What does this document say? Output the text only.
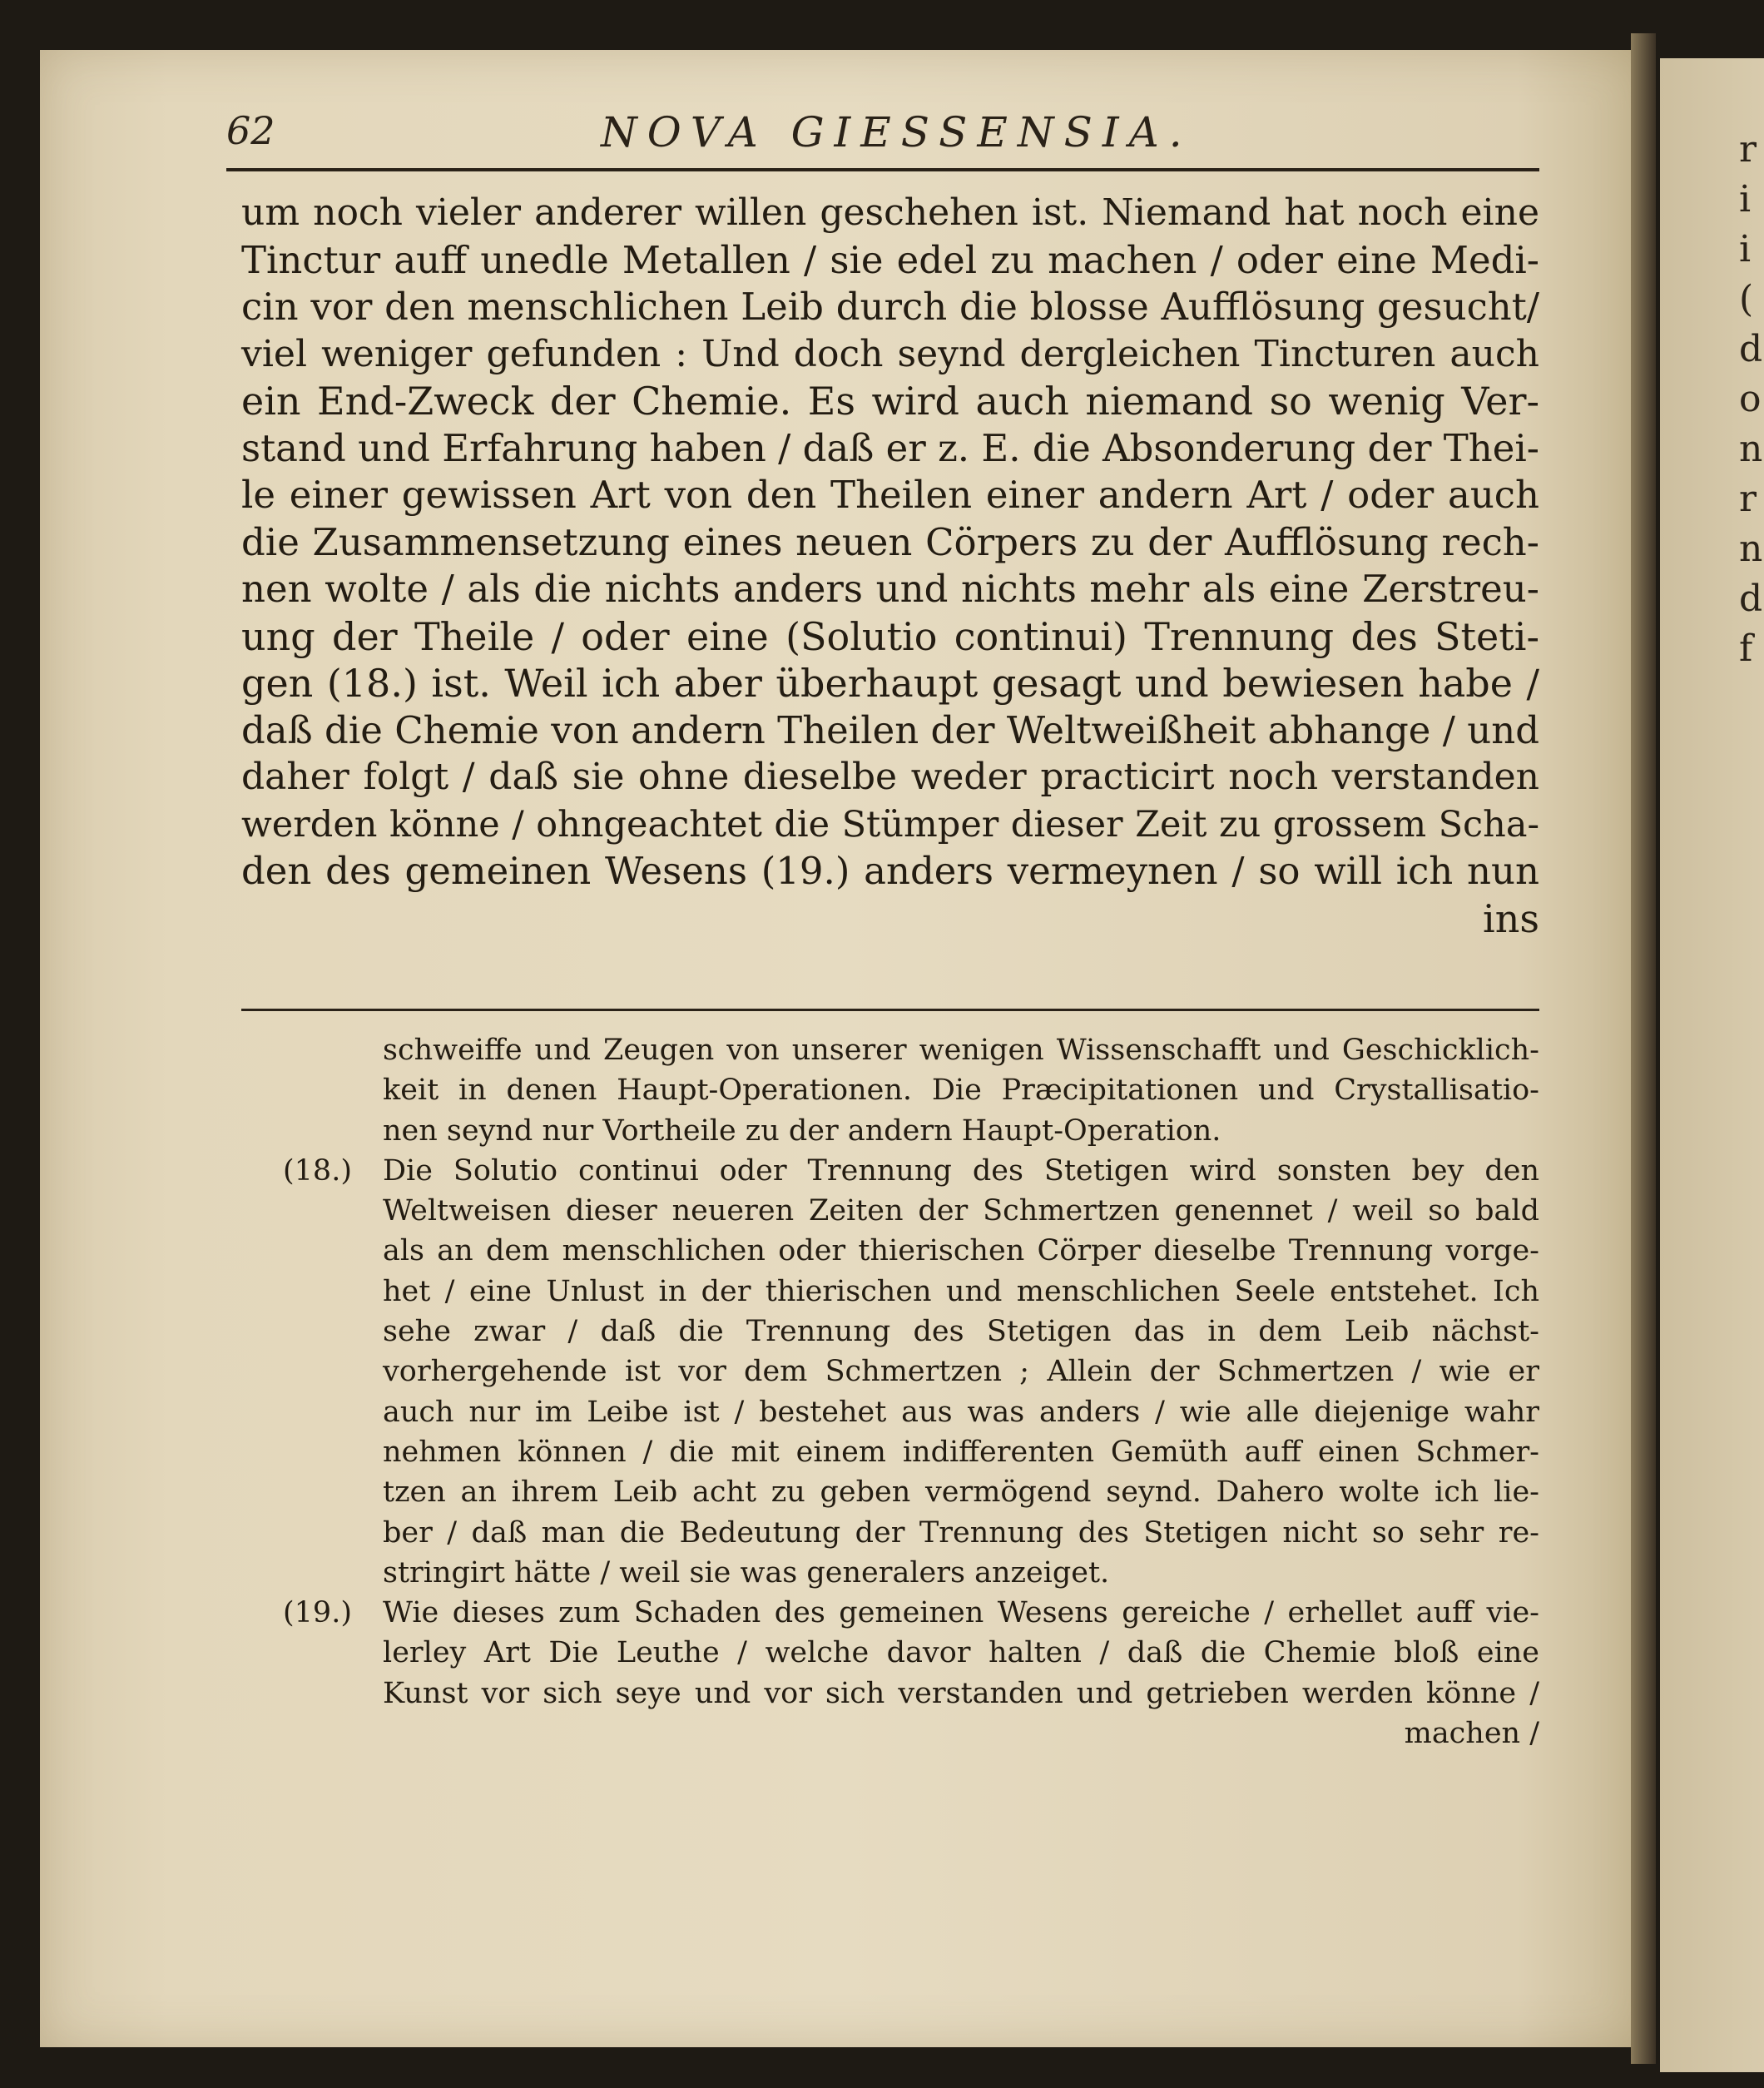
r
i
i
(
d
o
n
r
n
d
f
62	NOVA GIESSENSIA.
um noch vieler anderer willen geschehen ist. Niemand hat noch eine
Tinctur auff unedle Metallen / sie edel zu machen / oder eine Medi-
cin vor den menschlichen Leib durch die blosse Aufflösung gesucht/
viel weniger gefunden : Und doch seynd dergleichen Tincturen auch
ein End-Zweck der Chemie. Es wird auch niemand so wenig Ver-
stand und Erfahrung haben / daß er z. E. die Absonderung der Thei-
le einer gewissen Art von den Theilen einer andern Art / oder auch
die Zusammensetzung eines neuen Cörpers zu der Aufflösung rech-
nen wolte / als die nichts anders und nichts mehr als eine Zerstreu-
ung der Theile / oder eine (Solutio continui) Trennung des Steti-
gen (18.) ist. Weil ich aber überhaupt gesagt und bewiesen habe /
daß die Chemie von andern Theilen der Weltweißheit abhange / und
daher folgt / daß sie ohne dieselbe weder practicirt noch verstanden
werden könne / ohngeachtet die Stümper dieser Zeit zu grossem Scha-
den des gemeinen Wesens (19.) anders vermeynen / so will ich nun
ins
schweiffe und Zeugen von unserer wenigen Wissenschafft und Geschicklich-
keit in denen Haupt-Operationen. Die Præcipitationen und Crystallisatio-
nen seynd nur Vortheile zu der andern Haupt-Operation.
(18.) Die Solutio continui oder Trennung des Stetigen wird sonsten bey den
Weltweisen dieser neueren Zeiten der Schmertzen genennet / weil so bald
als an dem menschlichen oder thierischen Cörper dieselbe Trennung vorge-
het / eine Unlust in der thierischen und menschlichen Seele entstehet. Ich
sehe zwar / daß die Trennung des Stetigen das in dem Leib nächst-
vorhergehende ist vor dem Schmertzen ; Allein der Schmertzen / wie er
auch nur im Leibe ist / bestehet aus was anders / wie alle diejenige wahr
nehmen können / die mit einem indifferenten Gemüth auff einen Schmer-
tzen an ihrem Leib acht zu geben vermögend seynd. Dahero wolte ich lie-
ber / daß man die Bedeutung der Trennung des Stetigen nicht so sehr re-
stringirt hätte / weil sie was generalers anzeiget.
(19.) Wie dieses zum Schaden des gemeinen Wesens gereiche / erhellet auff vie-
lerley Art Die Leuthe / welche davor halten / daß die Chemie bloß eine
Kunst vor sich seye und vor sich verstanden und getrieben werden könne /
machen /
